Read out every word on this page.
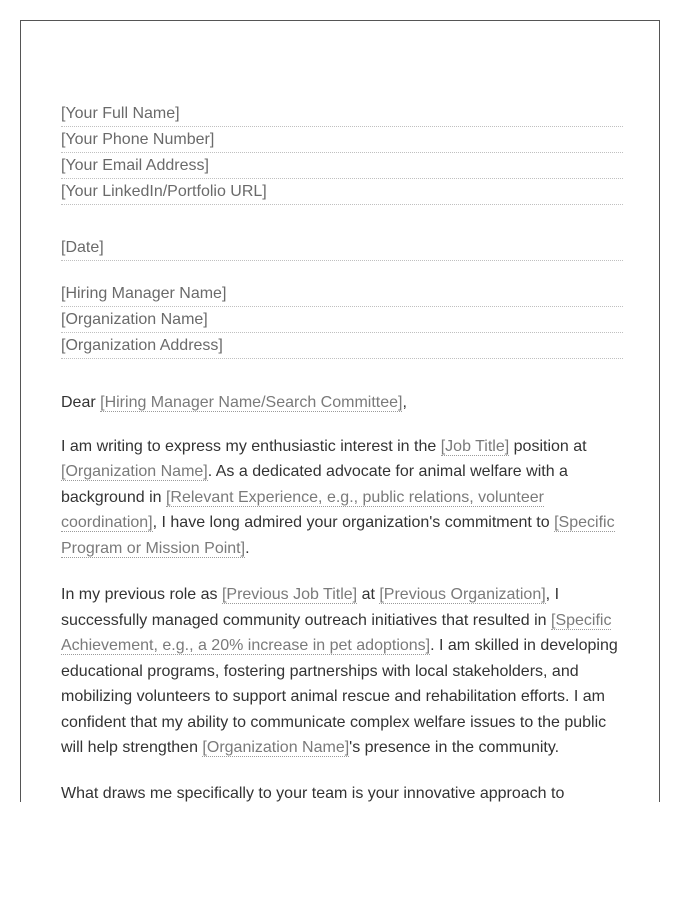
[Your Full Name]
[Your Phone Number]
[Your Email Address]
[Your LinkedIn/Portfolio URL]
[Date]
[Hiring Manager Name]
[Organization Name]
[Organization Address]

Dear [Hiring Manager Name/Search Committee],

I am writing to express my enthusiastic interest in the [Job Title] position at [Organization Name]. As a dedicated advocate for animal welfare with a background in [Relevant Experience, e.g., public relations, volunteer coordination], I have long admired your organization's commitment to [Specific Program or Mission Point].

In my previous role as [Previous Job Title] at [Previous Organization], I successfully managed community outreach initiatives that resulted in [Specific Achievement, e.g., a 20% increase in pet adoptions]. I am skilled in developing educational programs, fostering partnerships with local stakeholders, and mobilizing volunteers to support animal rescue and rehabilitation efforts. I am confident that my ability to communicate complex welfare issues to the public will help strengthen [Organization Name]'s presence in the community.

What draws me specifically to your team is your innovative approach to
